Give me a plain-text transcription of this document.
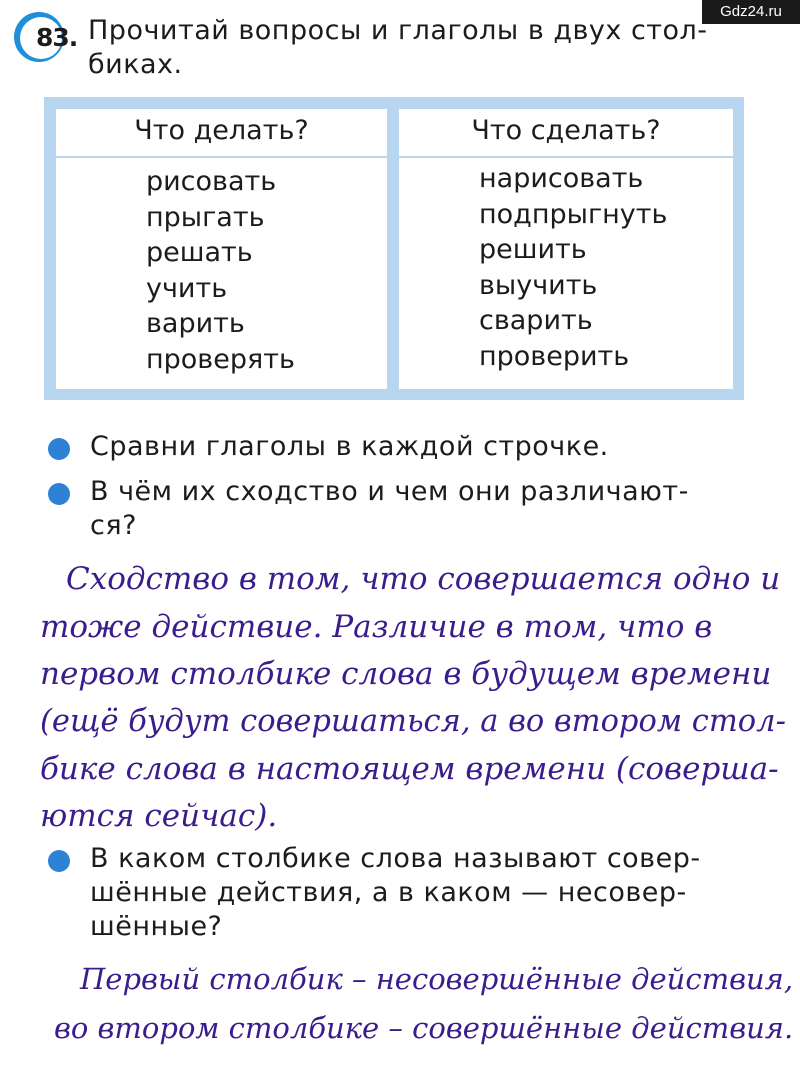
Gdz24.ru
83. Прочитай вопросы и глаголы в двух стол-
биках.
Что делать?
рисовать
прыгать
решать
учить
варить
проверять
Что сделать?
нарисовать
подпрыгнуть
решить
выучить
сварить
проверить
Сравни глаголы в каждой строчке.
В чём их сходство и чем они различают-
ся?
Сходство в том, что совершается одно и
тоже действие. Различие в том, что в
первом столбике слова в будущем времени
(ещё будут совершаться, а во втором стол-
бике слова в настоящем времени (соверша-
ются сейчас).
В каком столбике слова называют совер-
шённые действия, а в каком — несовер-
шённые?
Первый столбик – несовершённые действия,
во втором столбике – совершённые действия.
